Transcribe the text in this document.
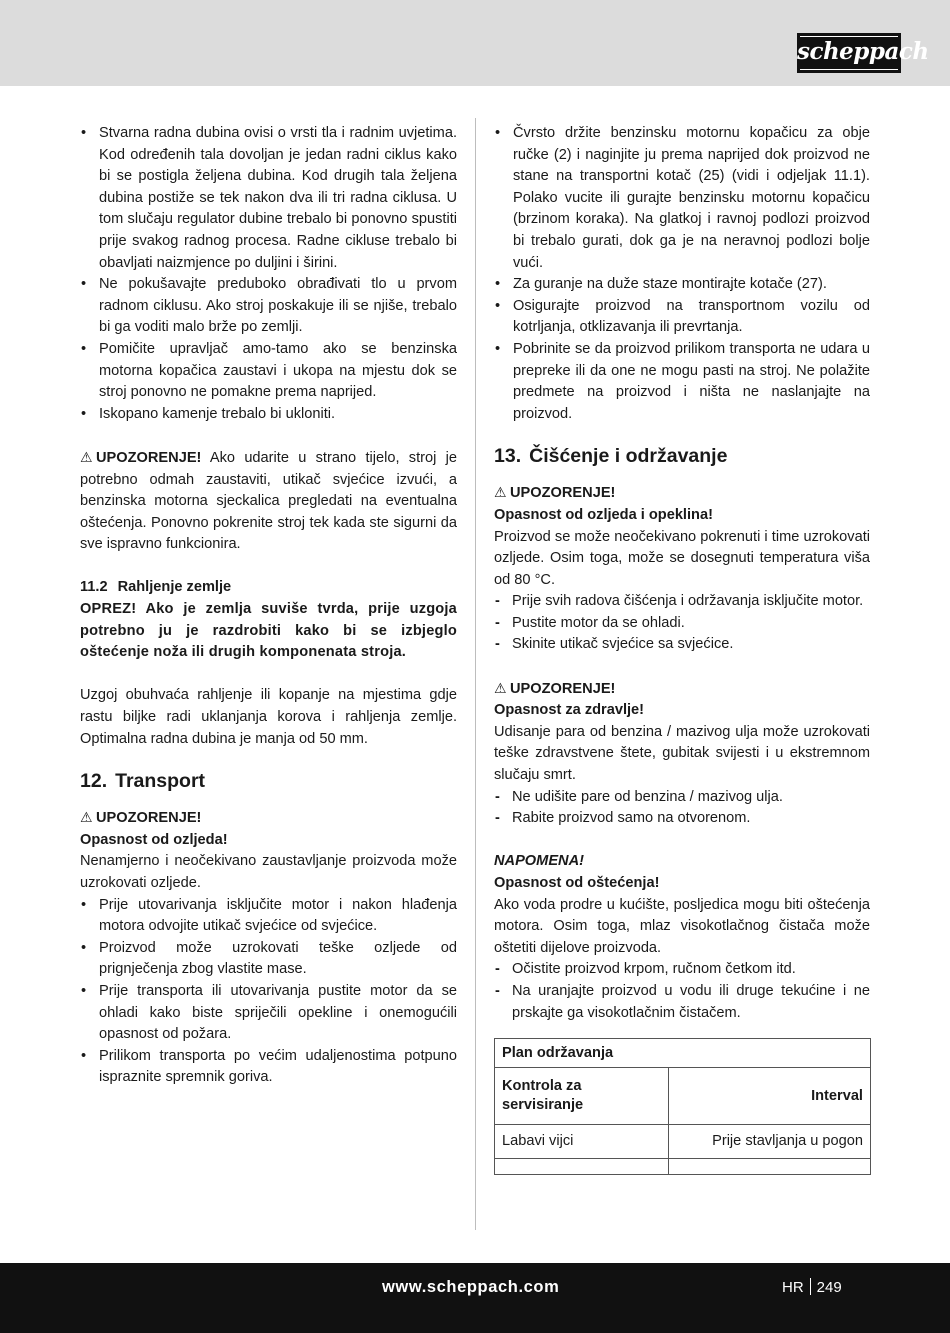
scheppach
• Stvarna radna dubina ovisi o vrsti tla i radnim uvjetima. Kod određenih tala dovoljan je jedan radni ciklus kako bi se postigla željena dubina. Kod drugih tala željena dubina postiže se tek nakon dva ili tri radna ciklusa. U tom slučaju regulator dubine trebalo bi ponovno spustiti prije svakog radnog procesa. Radne cikluse trebalo bi obavljati naizmjence po duljini i širini.
• Ne pokušavajte preduboko obrađivati tlo u prvom radnom ciklusu. Ako stroj poskakuje ili se njiše, trebalo bi ga voditi malo brže po zemlji.
• Pomičite upravljač amo-tamo ako se benzinska motorna kopačica zaustavi i ukopa na mjestu dok se stroj ponovno ne pomakne prema naprijed.
• Iskopano kamenje trebalo bi ukloniti.

⚠ UPOZORENJE! Ako udarite u strano tijelo, stroj je potrebno odmah zaustaviti, utikač svjećice izvući, a benzinska motorna sjeckalica pregledati na eventualna oštećenja. Ponovno pokrenite stroj tek kada ste sigurni da sve ispravno funkcionira.

11.2 Rahljenje zemlje

OPREZ! Ako je zemlja suviše tvrda, prije uzgoja potrebno ju je razdrobiti kako bi se izbjeglo oštećenje noža ili drugih komponenata stroja.

Uzgoj obuhvaća rahljenje ili kopanje na mjestima gdje rastu biljke radi uklanjanja korova i rahljenja zemlje. Optimalna radna dubina je manja od 50 mm.

12. Transport
⚠ UPOZORENJE!
Opasnost od ozljeda!

Nenamjerno i neočekivano zaustavljanje proizvoda može uzrokovati ozljede.

• Prije utovarivanja isključite motor i nakon hlađenja motora odvojite utikač svjećice od svjećice.
• Proizvod može uzrokovati teške ozljede od prignječenja zbog vlastite mase.
• Prije transporta ili utovarivanja pustite motor da se ohladi kako biste spriječili opekline i onemogućili opasnost od požara.
• Prilikom transporta po većim udaljenostima potpuno ispraznite spremnik goriva.
• Čvrsto držite benzinsku motornu kopačicu za obje ručke (2) i naginjite ju prema naprijed dok proizvod ne stane na transportni kotač (25) (vidi i odjeljak 11.1). Polako vucite ili gurajte benzinsku motornu kopačicu (brzinom koraka). Na glatkoj i ravnoj podlozi proizvod bi trebalo gurati, dok ga je na neravnoj podlozi bolje vući.
• Za guranje na duže staze montirajte kotače (27).
• Osigurajte proizvod na transportnom vozilu od kotrljanja, otklizavanja ili prevrtanja.
• Pobrinite se da proizvod prilikom transporta ne udara u prepreke ili da one ne mogu pasti na stroj. Ne polažite predmete na proizvod i ništa ne naslanjajte na proizvod.
13. Čišćenje i održavanje
⚠ UPOZORENJE!
Opasnost od ozljeda i opeklina!

Proizvod se može neočekivano pokrenuti i time uzrokovati ozljede. Osim toga, može se dosegnuti temperatura viša od 80 °C.

- Prije svih radova čišćenja i održavanja isključite motor.
- Pustite motor da se ohladi.
- Skinite utikač svjećice sa svjećice.
⚠ UPOZORENJE!
Opasnost za zdravlje!

Udisanje para od benzina / mazivog ulja može uzrokovati teške zdravstvene štete, gubitak svijesti i u ekstremnom slučaju smrt.

- Ne udišite pare od benzina / mazivog ulja.
- Rabite proizvod samo na otvorenom.
NAPOMENA!
Opasnost od oštećenja!

Ako voda prodre u kućište, posljedica mogu biti oštećenja motora. Osim toga, mlaz visokotlačnog čistača može oštetiti dijelove proizvoda.

- Očistite proizvod krpom, ručnom četkom itd.
- Na uranjajte proizvod u vodu ili druge tekućine i ne prskajte ga visokotlačnim čistačem.
Plan održavanja	
Kontrola za servisiranje	Interval
Labavi vijci	Prije stavljanja u pogon

www.scheppach.com	HR 249
